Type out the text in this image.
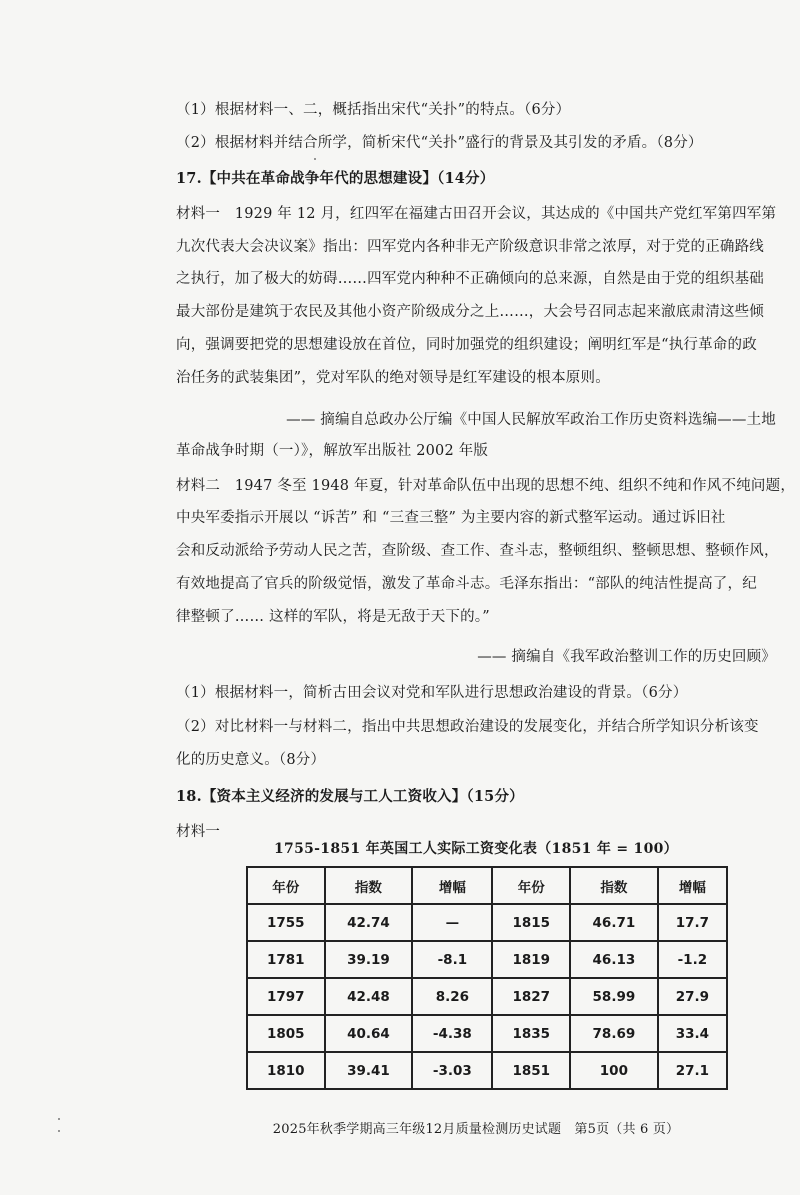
（1）根据材料一、二，概括指出宋代“关扑”的特点。（6分）
（2）根据材料并结合所学，简析宋代“关扑”盛行的背景及其引发的矛盾。（8分）
17.【中共在革命战争年代的思想建设】（14分）
材料一　1929 年 12 月，红四军在福建古田召开会议，其达成的《中国共产党红军第四军第
九次代表大会决议案》指出：四军党内各种非无产阶级意识非常之浓厚，对于党的正确路线
之执行，加了极大的妨碍……四军党内种种不正确倾向的总来源，自然是由于党的组织基础
最大部份是建筑于农民及其他小资产阶级成分之上……，大会号召同志起来澈底肃清这些倾
向，强调要把党的思想建设放在首位，同时加强党的组织建设；阐明红军是“执行革命的政
治任务的武装集团”，党对军队的绝对领导是红军建设的根本原则。
—— 摘编自总政办公厅编《中国人民解放军政治工作历史资料选编——土地
革命战争时期（一）》，解放军出版社 2002 年版
材料二　1947 冬至 1948 年夏，针对革命队伍中出现的思想不纯、组织不纯和作风不纯问题，
中央军委指示开展以 “诉苦” 和 “三查三整” 为主要内容的新式整军运动。通过诉旧社
会和反动派给予劳动人民之苦，查阶级、查工作、查斗志，整顿组织、整顿思想、整顿作风，
有效地提高了官兵的阶级觉悟，激发了革命斗志。毛泽东指出：“部队的纯洁性提高了，纪
律整顿了…… 这样的军队，将是无敌于天下的。”
—— 摘编自《我军政治整训工作的历史回顾》
（1）根据材料一，简析古田会议对党和军队进行思想政治建设的背景。（6分）
（2）对比材料一与材料二，指出中共思想政治建设的发展变化，并结合所学知识分析该变
化的历史意义。（8分）
18.【资本主义经济的发展与工人工资收入】（15分）
材料一
1755-1851 年英国工人实际工资变化表（1851 年 = 100）
年份	指数	增幅	年份	指数	增幅
1755	42.74	—	1815	46.71	17.7
1781	39.19	-8.1	1819	46.13	-1.2
1797	42.48	8.26	1827	58.99	27.9
1805	40.64	-4.38	1835	78.69	33.4
1810	39.41	-3.03	1851	100	27.1
2025年秋季学期高三年级12月质量检测历史试题　第5页（共 6 页）
